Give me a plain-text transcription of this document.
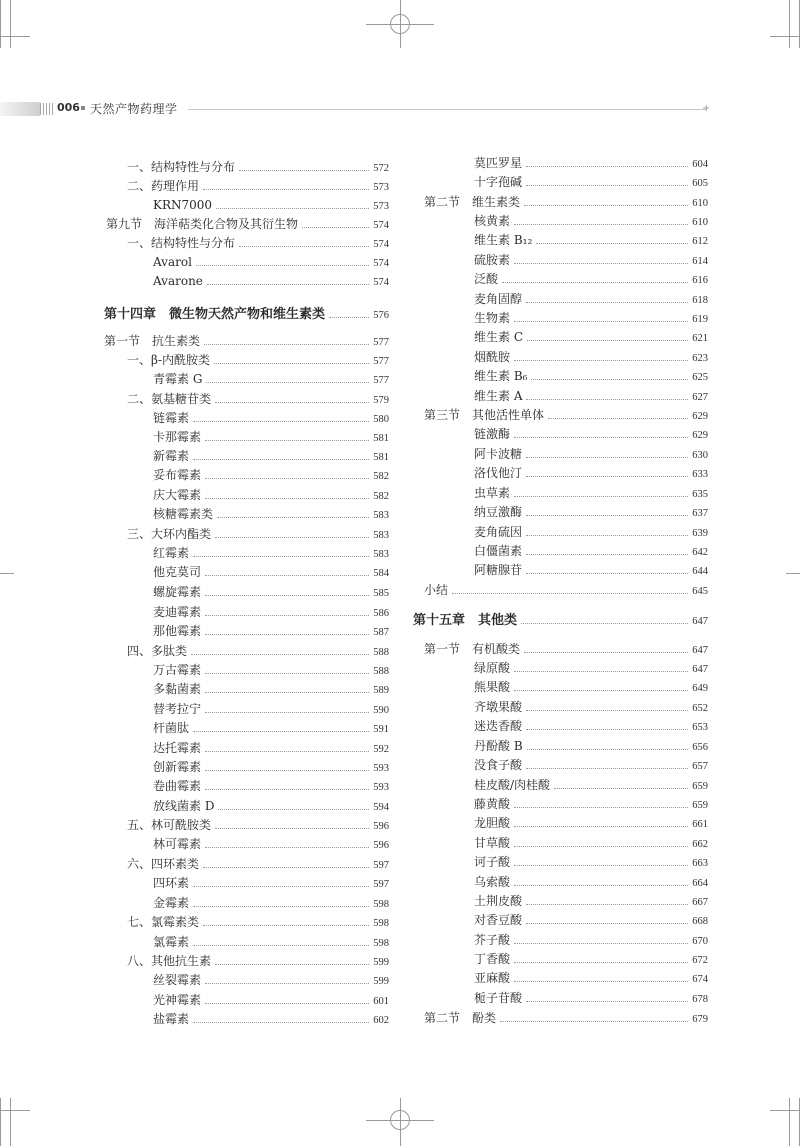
006 天然产物药理学	+
一、结构特性与分布	572
二、药理作用	573
KRN7000	573
第九节　海洋萜类化合物及其衍生物	574
一、结构特性与分布	574
Avarol	574
Avarone	574
第十四章　微生物天然产物和维生素类	576
第一节　抗生素类	577
一、β-内酰胺类	577
青霉素 G	577
二、氨基糖苷类	579
链霉素	580
卡那霉素	581
新霉素	581
妥布霉素	582
庆大霉素	582
核糖霉素类	583
三、大环内酯类	583
红霉素	583
他克莫司	584
螺旋霉素	585
麦迪霉素	586
那他霉素	587
四、多肽类	588
万古霉素	588
多黏菌素	589
替考拉宁	590
杆菌肽	591
达托霉素	592
创新霉素	593
卷曲霉素	593
放线菌素 D	594
五、林可酰胺类	596
林可霉素	596
六、四环素类	597
四环素	597
金霉素	598
七、氯霉素类	598
氯霉素	598
八、其他抗生素	599
丝裂霉素	599
光神霉素	601
盐霉素	602
莫匹罗星	604
十字孢碱	605
第二节　维生素类	610
核黄素	610
维生素 B₁₂	612
硫胺素	614
泛酸	616
麦角固醇	618
生物素	619
维生素 C	621
烟酰胺	623
维生素 B₆	625
维生素 A	627
第三节　其他活性单体	629
链激酶	629
阿卡波糖	630
洛伐他汀	633
虫草素	635
纳豆激酶	637
麦角硫因	639
白僵菌素	642
阿糖腺苷	644
小结	645
第十五章　其他类	647
第一节　有机酸类	647
绿原酸	647
熊果酸	649
齐墩果酸	652
迷迭香酸	653
丹酚酸 B	656
没食子酸	657
桂皮酸/肉桂酸	659
藤黄酸	659
龙胆酸	661
甘草酸	662
诃子酸	663
乌索酸	664
土荆皮酸	667
对香豆酸	668
芥子酸	670
丁香酸	672
亚麻酸	674
栀子苷酸	678
第二节　酚类	679
